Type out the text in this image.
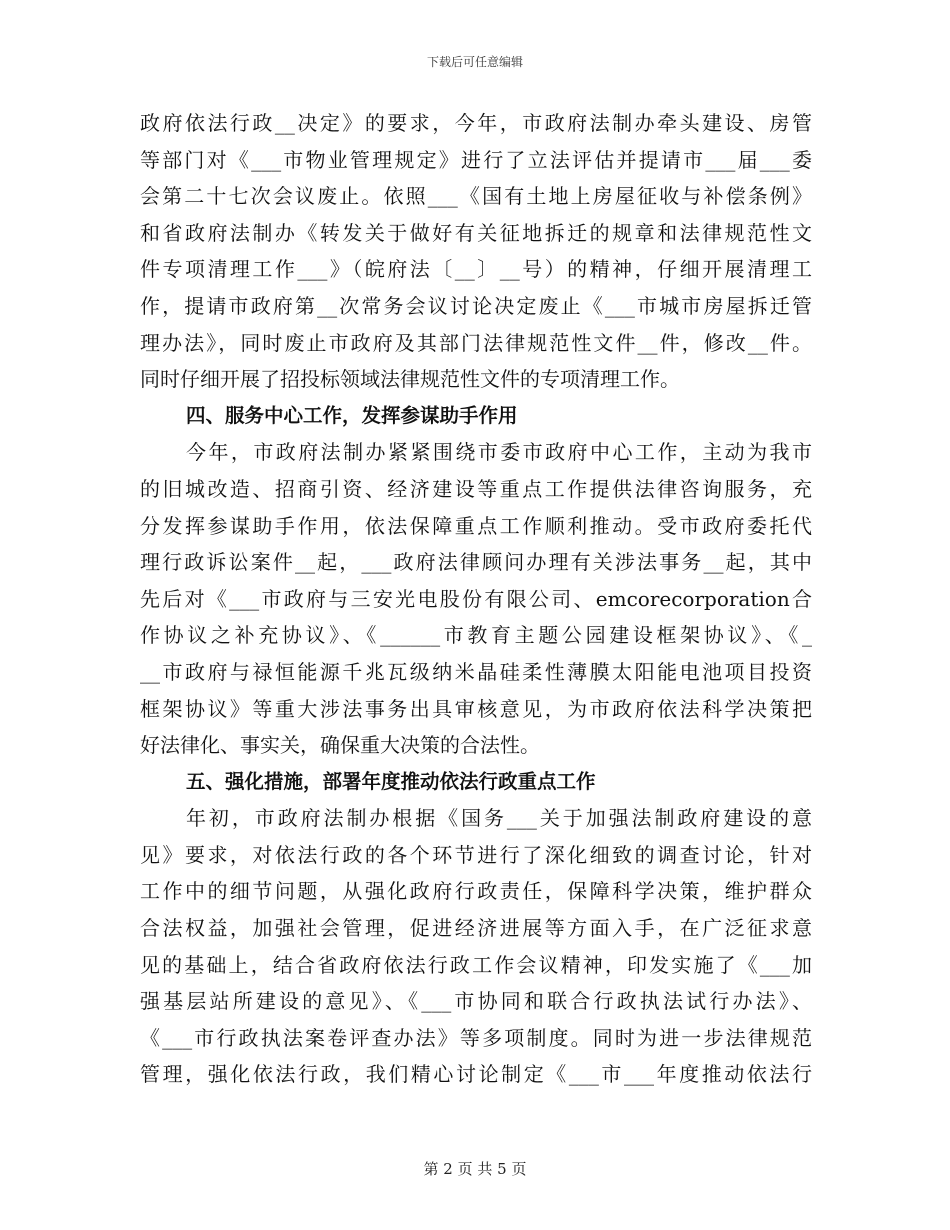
下载后可任意编辑
政府依法行政__决定》的要求，今年，市政府法制办牵头建设、房管
等部门对《___市物业管理规定》进行了立法评估并提请市___届___委
会第二十七次会议废止。依照___《国有土地上房屋征收与补偿条例》
和省政府法制办《转发关于做好有关征地拆迁的规章和法律规范性文
件专项清理工作___》（皖府法〔__〕__号）的精神，仔细开展清理工
作，提请市政府第__次常务会议讨论决定废止《___市城市房屋拆迁管
理办法》，同时废止市政府及其部门法律规范性文件__件，修改__件。
同时仔细开展了招投标领域法律规范性文件的专项清理工作。
四、服务中心工作，发挥参谋助手作用
今年，市政府法制办紧紧围绕市委市政府中心工作，主动为我市
的旧城改造、招商引资、经济建设等重点工作提供法律咨询服务，充
分发挥参谋助手作用，依法保障重点工作顺利推动。受市政府委托代
理行政诉讼案件__起，___政府法律顾问办理有关涉法事务__起，其中
先后对《___市政府与三安光电股份有限公司、emcorecorporation合
作协议之补充协议》、《______市教育主题公园建设框架协议》、《_
__市政府与禄恒能源千兆瓦级纳米晶硅柔性薄膜太阳能电池项目投资
框架协议》等重大涉法事务出具审核意见，为市政府依法科学决策把
好法律化、事实关，确保重大决策的合法性。
五、强化措施，部署年度推动依法行政重点工作
年初，市政府法制办根据《国务___关于加强法制政府建设的意
见》要求，对依法行政的各个环节进行了深化细致的调查讨论，针对
工作中的细节问题，从强化政府行政责任，保障科学决策，维护群众
合法权益，加强社会管理，促进经济进展等方面入手，在广泛征求意
见的基础上，结合省政府依法行政工作会议精神，印发实施了《___加
强基层站所建设的意见》、《___市协同和联合行政执法试行办法》、
《___市行政执法案卷评查办法》等多项制度。同时为进一步法律规范
管理，强化依法行政，我们精心讨论制定《___市___年度推动依法行
第 2 页 共 5 页
